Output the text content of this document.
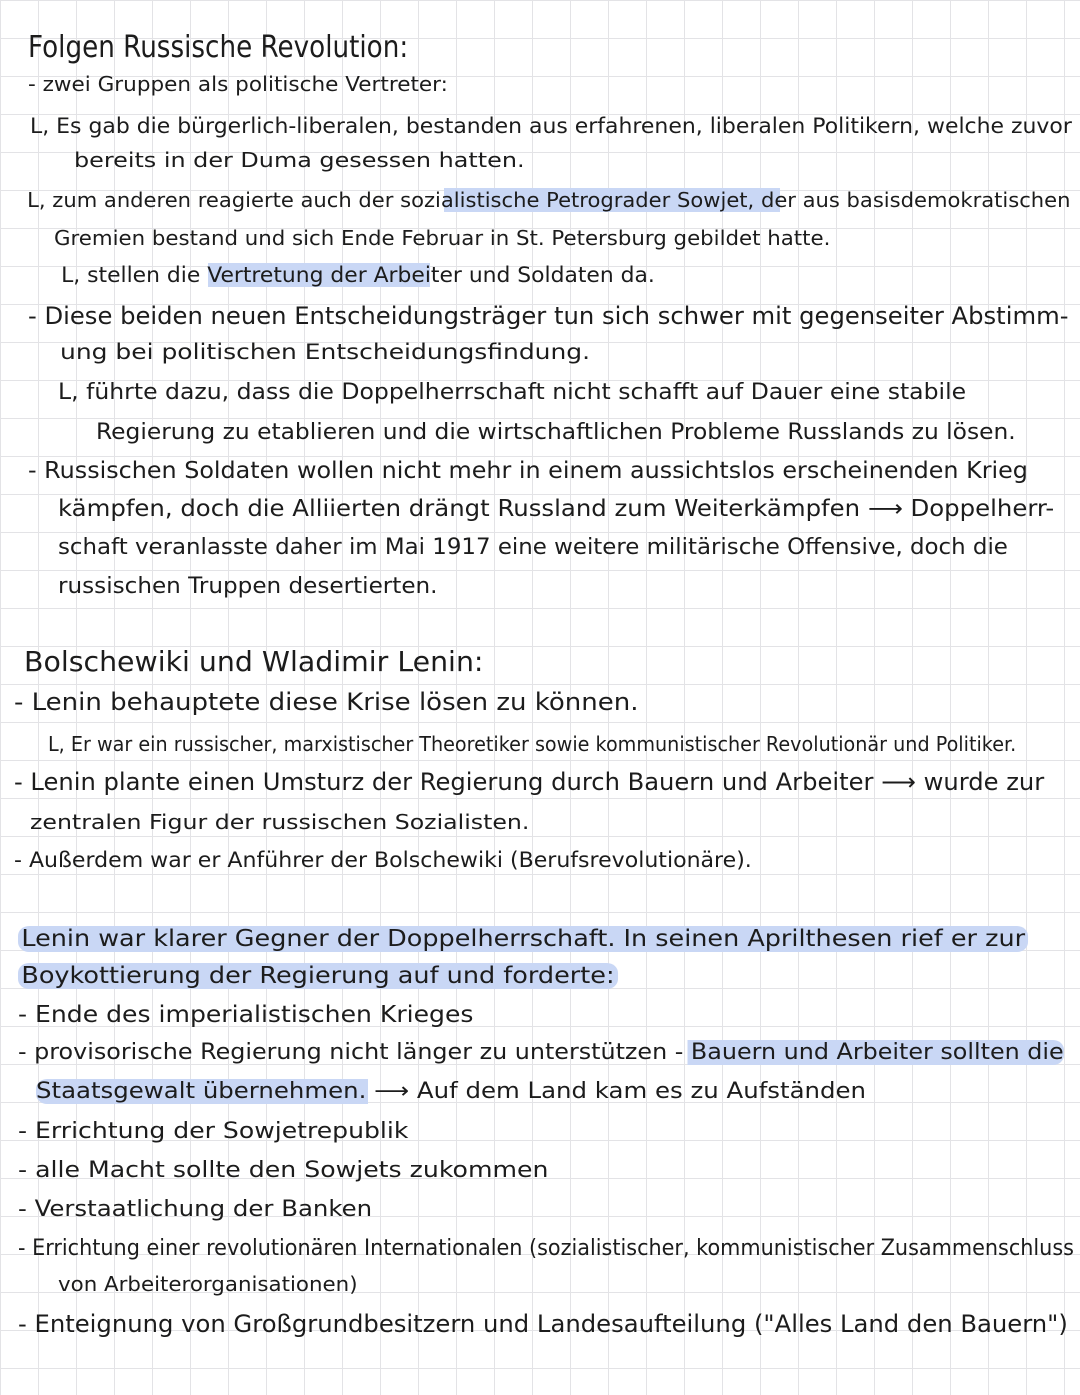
Folgen Russische Revolution:
- zwei Gruppen als politische Vertreter:
L, Es gab die bürgerlich-liberalen, bestanden aus erfahrenen, liberalen Politikern, welche zuvor
bereits in der Duma gesessen hatten.
L, zum anderen reagierte auch der sozialistische Petrograder Sowjet, der aus basisdemokratischen
Gremien bestand und sich Ende Februar in St. Petersburg gebildet hatte.
L, stellen die Vertretung der Arbeiter und Soldaten da.
- Diese beiden neuen Entscheidungsträger tun sich schwer mit gegenseiter Abstimm-
ung bei politischen Entscheidungsfindung.
L, führte dazu, dass die Doppelherrschaft nicht schafft auf Dauer eine stabile
Regierung zu etablieren und die wirtschaftlichen Probleme Russlands zu lösen.
- Russischen Soldaten wollen nicht mehr in einem aussichtslos erscheinenden Krieg
kämpfen, doch die Alliierten drängt Russland zum Weiterkämpfen ⟶ Doppelherr-
schaft veranlasste daher im Mai 1917 eine weitere militärische Offensive, doch die
russischen Truppen desertierten.
Bolschewiki und Wladimir Lenin:
- Lenin behauptete diese Krise lösen zu können.
L, Er war ein russischer, marxistischer Theoretiker sowie kommunistischer Revolutionär und Politiker.
- Lenin plante einen Umsturz der Regierung durch Bauern und Arbeiter ⟶ wurde zur
zentralen Figur der russischen Sozialisten.
- Außerdem war er Anführer der Bolschewiki (Berufsrevolutionäre).
Lenin war klarer Gegner der Doppelherrschaft. In seinen Aprilthesen rief er zur
Boykottierung der Regierung auf und forderte:
- Ende des imperialistischen Krieges
- provisorische Regierung nicht länger zu unterstützen - Bauern und Arbeiter sollten die
Staatsgewalt übernehmen. ⟶ Auf dem Land kam es zu Aufständen
- Errichtung der Sowjetrepublik
- alle Macht sollte den Sowjets zukommen
- Verstaatlichung der Banken
- Errichtung einer revolutionären Internationalen (sozialistischer, kommunistischer Zusammenschluss
von Arbeiterorganisationen)
- Enteignung von Großgrundbesitzern und Landesaufteilung ("Alles Land den Bauern")
